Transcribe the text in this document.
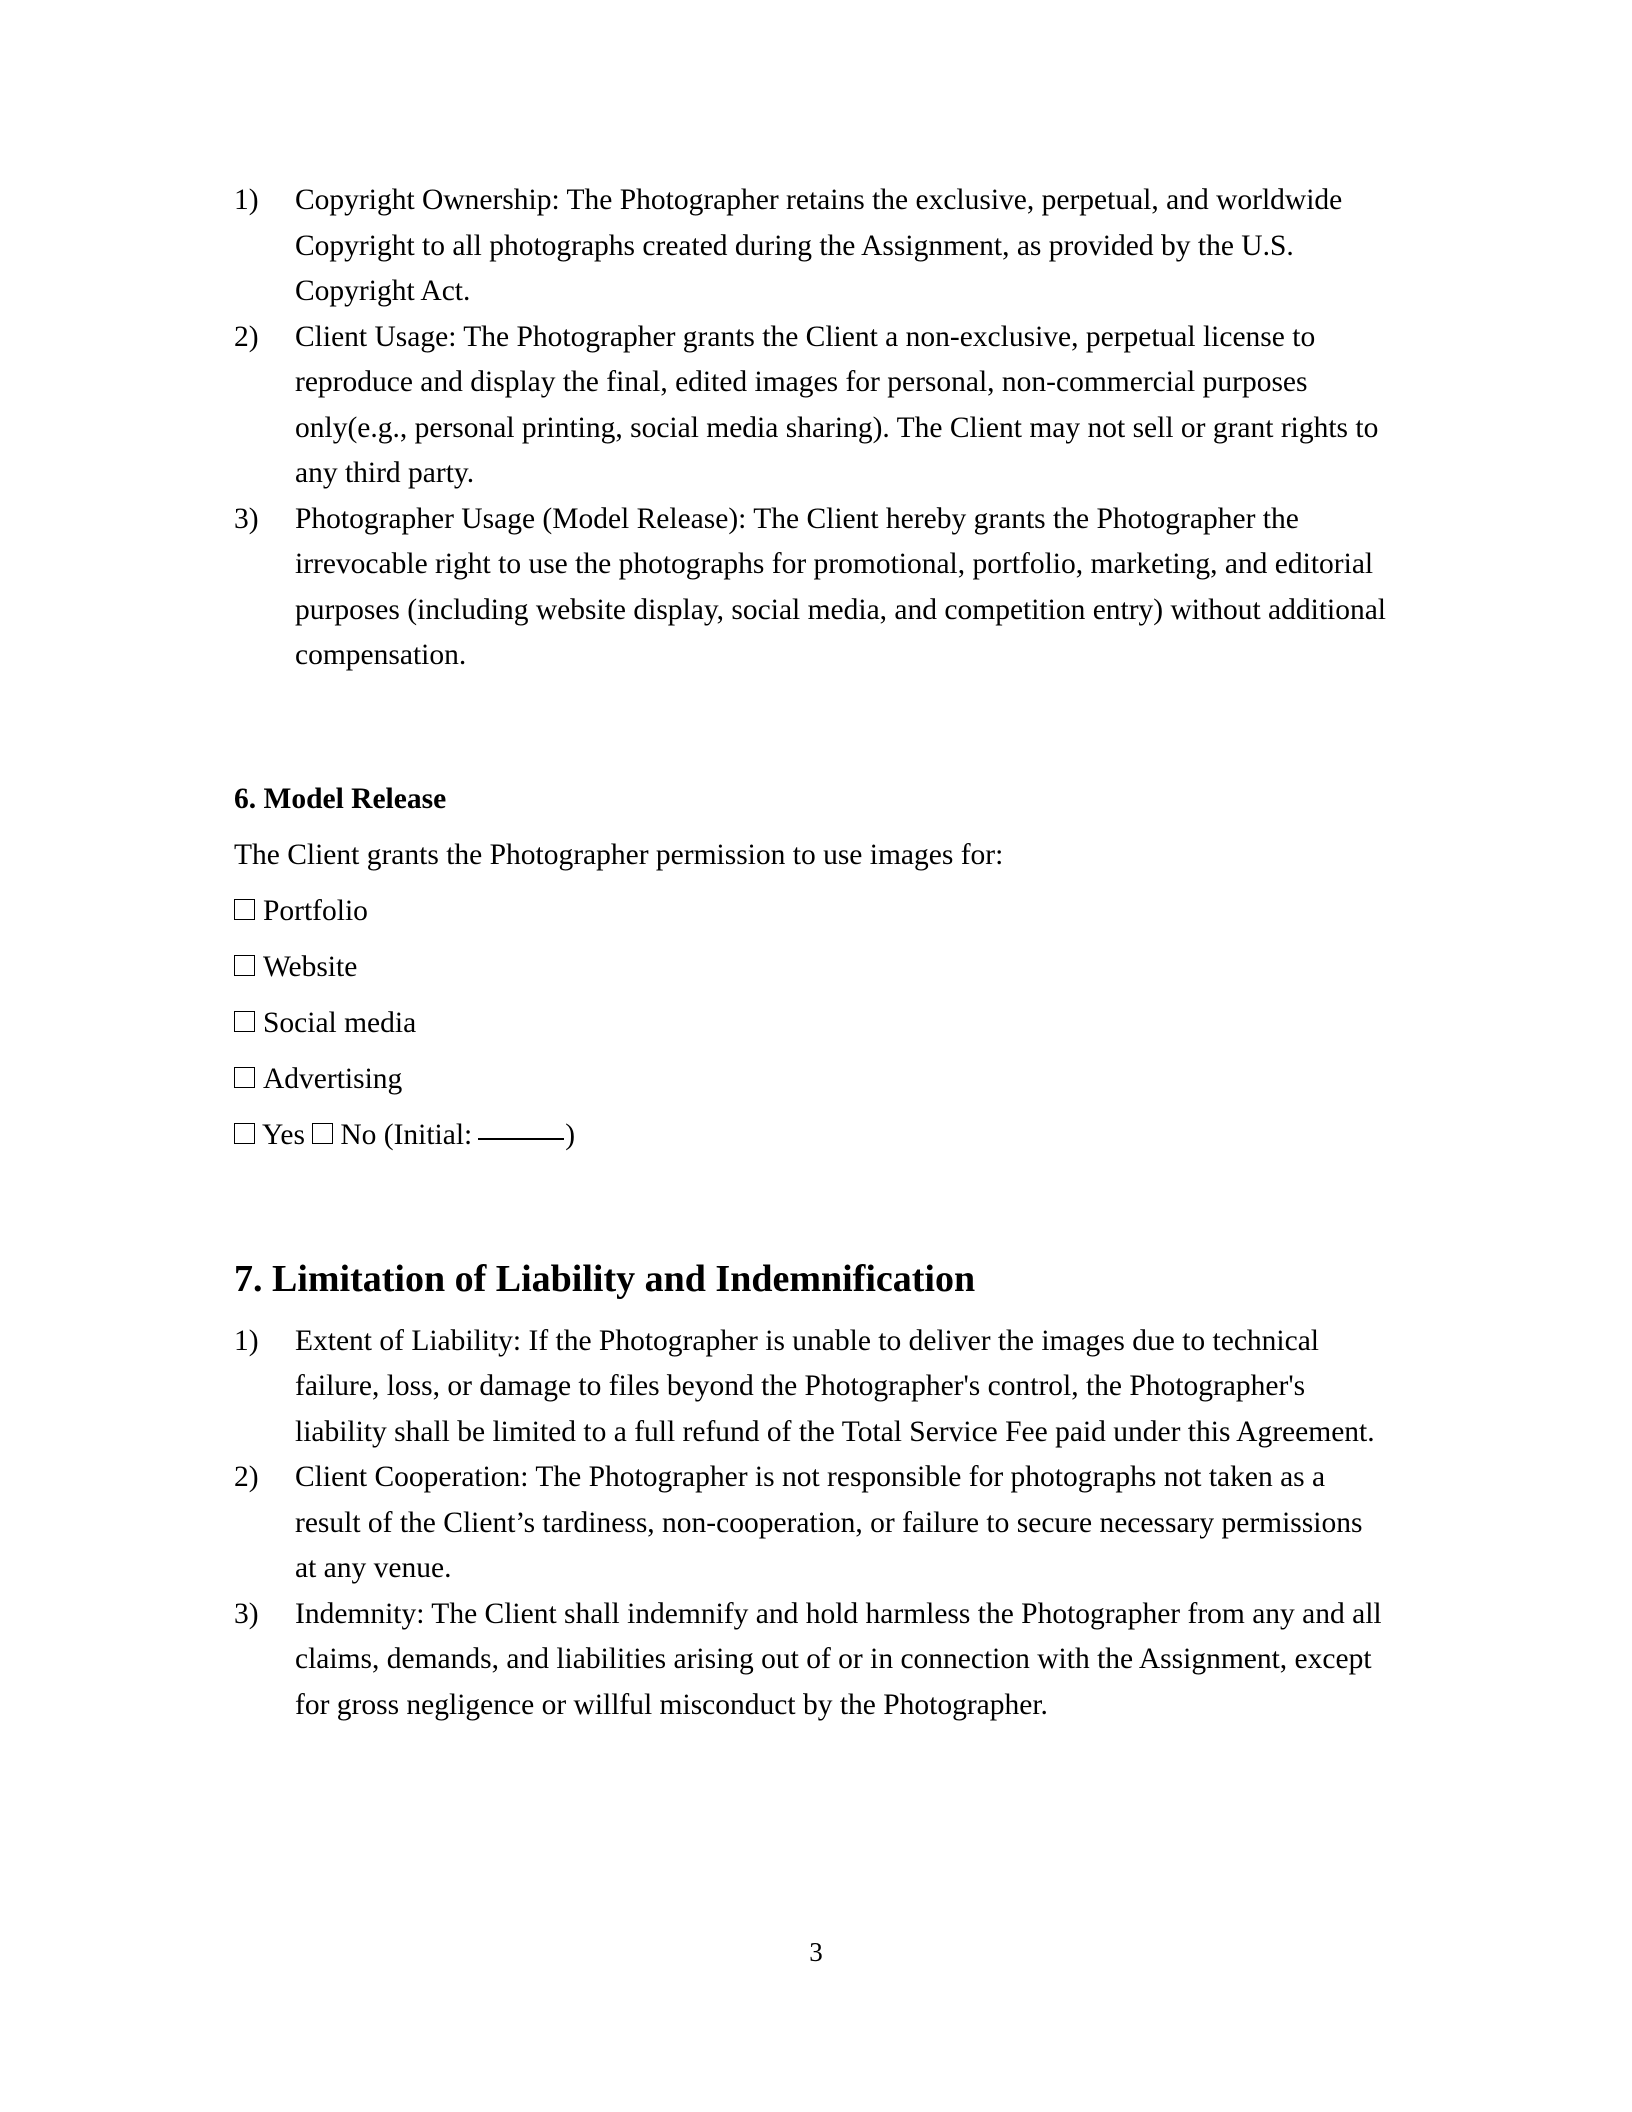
1)	Copyright Ownership: The Photographer retains the exclusive, perpetual, and worldwide Copyright to all photographs created during the Assignment, as provided by the U.S. Copyright Act.
2)	Client Usage: The Photographer grants the Client a non-exclusive, perpetual license to reproduce and display the final, edited images for personal, non-commercial purposes only(e.g., personal printing, social media sharing). The Client may not sell or grant rights to any third party.
3)	Photographer Usage (Model Release): The Client hereby grants the Photographer the irrevocable right to use the photographs for promotional, portfolio, marketing, and editorial purposes (including website display, social media, and competition entry) without additional compensation.
6. Model Release

The Client grants the Photographer permission to use images for:

Portfolio

Website

Social media

Advertising

Yes No (Initial:	)

7. Limitation of Liability and Indemnification
1)	Extent of Liability: If the Photographer is unable to deliver the images due to technical failure, loss, or damage to files beyond the Photographer's control, the Photographer's liability shall be limited to a full refund of the Total Service Fee paid under this Agreement.
2)	Client Cooperation: The Photographer is not responsible for photographs not taken as a result of the Client’s tardiness, non-cooperation, or failure to secure necessary permissions at any venue.
3)	Indemnity: The Client shall indemnify and hold harmless the Photographer from any and all claims, demands, and liabilities arising out of or in connection with the Assignment, except for gross negligence or willful misconduct by the Photographer.
3
